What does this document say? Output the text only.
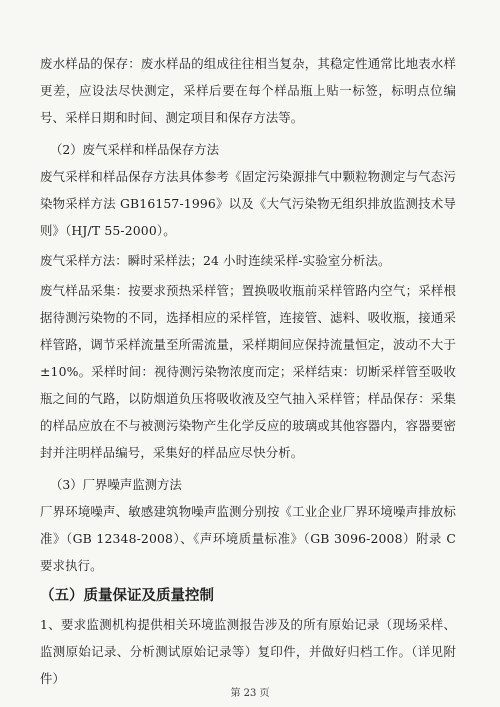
废水样品的保存：废水样品的组成往往相当复杂，其稳定性通常比地表水样更差，应设法尽快测定，采样后要在每个样品瓶上贴一标签，标明点位编号、采样日期和时间、测定项目和保存方法等。

（2）废气采样和样品保存方法

废气采样和样品保存方法具体参考《固定污染源排气中颗粒物测定与气态污染物采样方法 GB16157-1996》以及《大气污染物无组织排放监测技术导则》（HJ/T 55-2000）。

废气采样方法：瞬时采样法；24 小时连续采样-实验室分析法。

废气样品采集：按要求预热采样管；置换吸收瓶前采样管路内空气；采样根据待测污染物的不同，选择相应的采样管，连接管、滤料、吸收瓶，接通采样管路，调节采样流量至所需流量，采样期间应保持流量恒定，波动不大于±10%。采样时间：视待测污染物浓度而定；采样结束：切断采样管至吸收瓶之间的气路，以防烟道负压将吸收液及空气抽入采样管；样品保存：采集的样品应放在不与被测污染物产生化学反应的玻璃或其他容器内，容器要密封并注明样品编号，采集好的样品应尽快分析。

（3）厂界噪声监测方法

厂界环境噪声、敏感建筑物噪声监测分别按《工业企业厂界环境噪声排放标准》（GB 12348-2008）、《声环境质量标准》（GB 3096-2008）附录 C 要求执行。

（五）质量保证及质量控制

1、要求监测机构提供相关环境监测报告涉及的所有原始记录（现场采样、监测原始记录、分析测试原始记录等）复印件，并做好归档工作。（详见附件）

第 23 页
